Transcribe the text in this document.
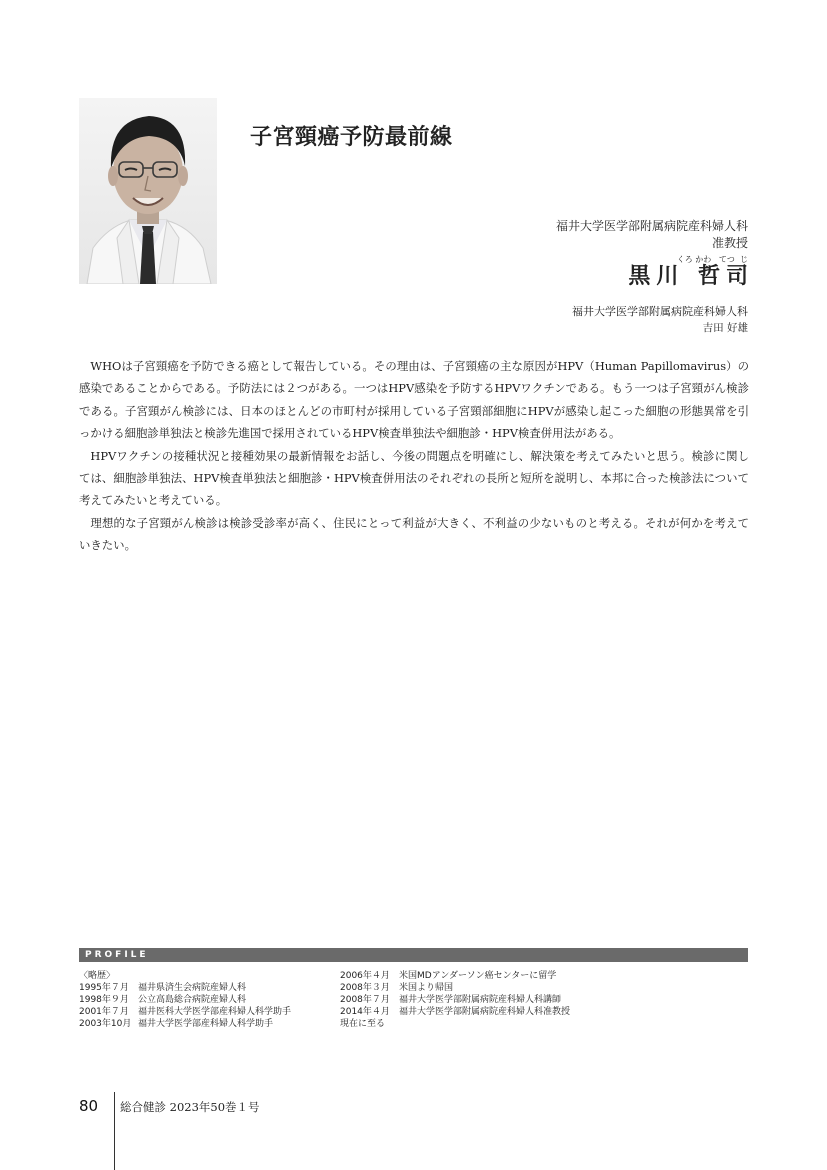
子宮頸癌予防最前線
福井大学医学部附属病院産科婦人科
准教授
くろ かわ   てつ  じ
黒川 哲司
福井大学医学部附属病院産科婦人科
吉田 好雄

WHOは子宮頸癌を予防できる癌として報告している。その理由は、子宮頸癌の主な原因がHPV（Human Papillomavirus）の感染であることからである。予防法には２つがある。一つはHPV感染を予防するHPVワクチンである。もう一つは子宮頸がん検診である。子宮頸がん検診には、日本のほとんどの市町村が採用している子宮頸部細胞にHPVが感染し起こった細胞の形態異常を引っかける細胞診単独法と検診先進国で採用されているHPV検査単独法や細胞診・HPV検査併用法がある。

HPVワクチンの接種状況と接種効果の最新情報をお話し、今後の問題点を明確にし、解決策を考えてみたいと思う。検診に関しては、細胞診単独法、HPV検査単独法と細胞診・HPV検査併用法のそれぞれの長所と短所を説明し、本邦に合った検診法について考えてみたいと考えている。

理想的な子宮頸がん検診は検診受診率が高く、住民にとって利益が大きく、不利益の少ないものと考える。それが何かを考えていきたい。

PROFILE
〈略歴〉
1995年７月	福井県済生会病院産婦人科
1998年９月	公立高島総合病院産婦人科
2001年７月	福井医科大学医学部産科婦人科学助手
2003年10月 福井大学医学部産科婦人科学助手
2006年４月	米国MDアンダーソン癌センターに留学
2008年３月	米国より帰国
2008年７月	福井大学医学部附属病院産科婦人科講師
2014年４月	福井大学医学部附属病院産科婦人科准教授
現在に至る
80 総合健診 2023年50巻１号
